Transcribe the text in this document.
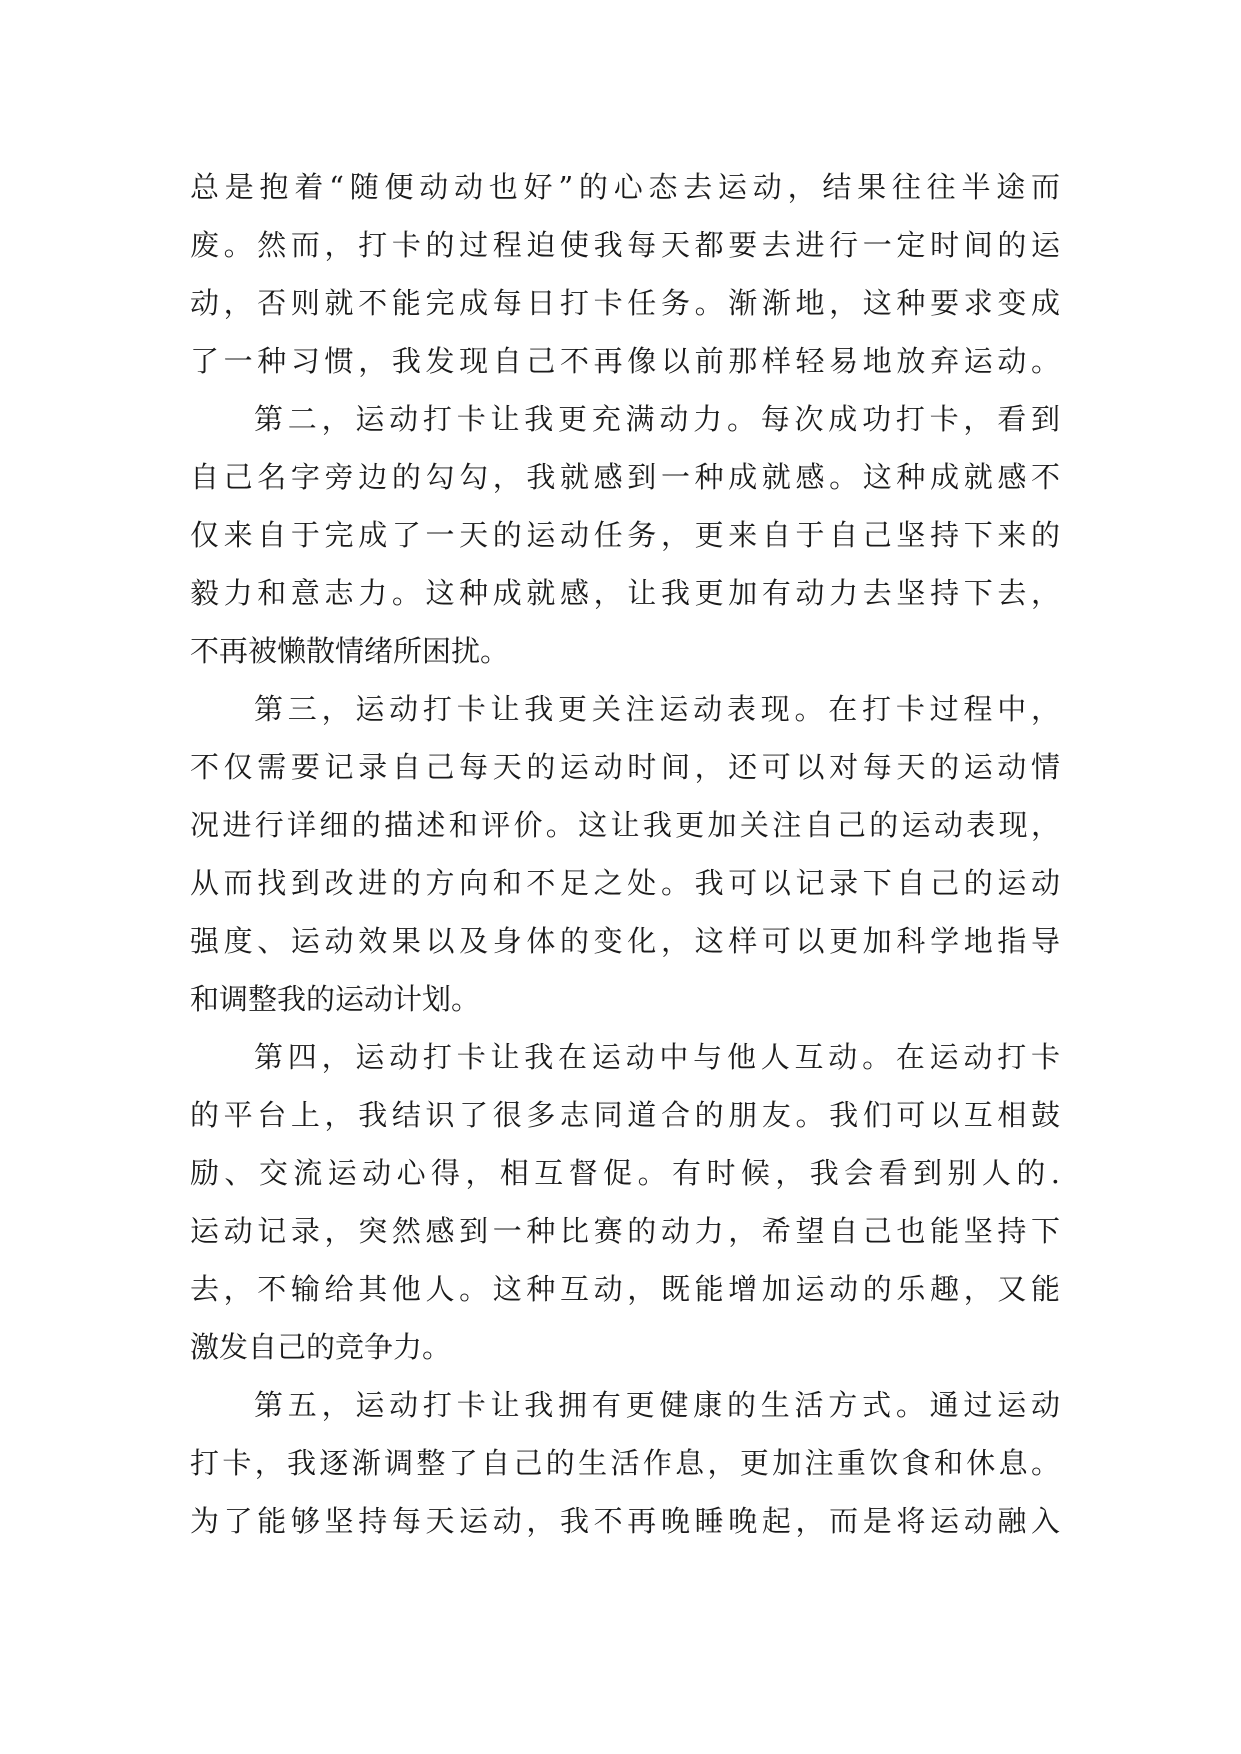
总是抱着“随便动动也好”的心态去运动，结果往往半途而
废。然而，打卡的过程迫使我每天都要去进行一定时间的运
动，否则就不能完成每日打卡任务。渐渐地，这种要求变成
了一种习惯，我发现自己不再像以前那样轻易地放弃运动。
第二，运动打卡让我更充满动力。每次成功打卡，看到
自己名字旁边的勾勾，我就感到一种成就感。这种成就感不
仅来自于完成了一天的运动任务，更来自于自己坚持下来的
毅力和意志力。这种成就感，让我更加有动力去坚持下去，
不再被懒散情绪所困扰。
第三，运动打卡让我更关注运动表现。在打卡过程中，
不仅需要记录自己每天的运动时间，还可以对每天的运动情
况进行详细的描述和评价。这让我更加关注自己的运动表现，
从而找到改进的方向和不足之处。我可以记录下自己的运动
强度、运动效果以及身体的变化，这样可以更加科学地指导
和调整我的运动计划。
第四，运动打卡让我在运动中与他人互动。在运动打卡
的平台上，我结识了很多志同道合的朋友。我们可以互相鼓
励、交流运动心得，相互督促。有时候，我会看到别人的.
运动记录，突然感到一种比赛的动力，希望自己也能坚持下
去，不输给其他人。这种互动，既能增加运动的乐趣，又能
激发自己的竞争力。
第五，运动打卡让我拥有更健康的生活方式。通过运动
打卡，我逐渐调整了自己的生活作息，更加注重饮食和休息。
为了能够坚持每天运动，我不再晚睡晚起，而是将运动融入
